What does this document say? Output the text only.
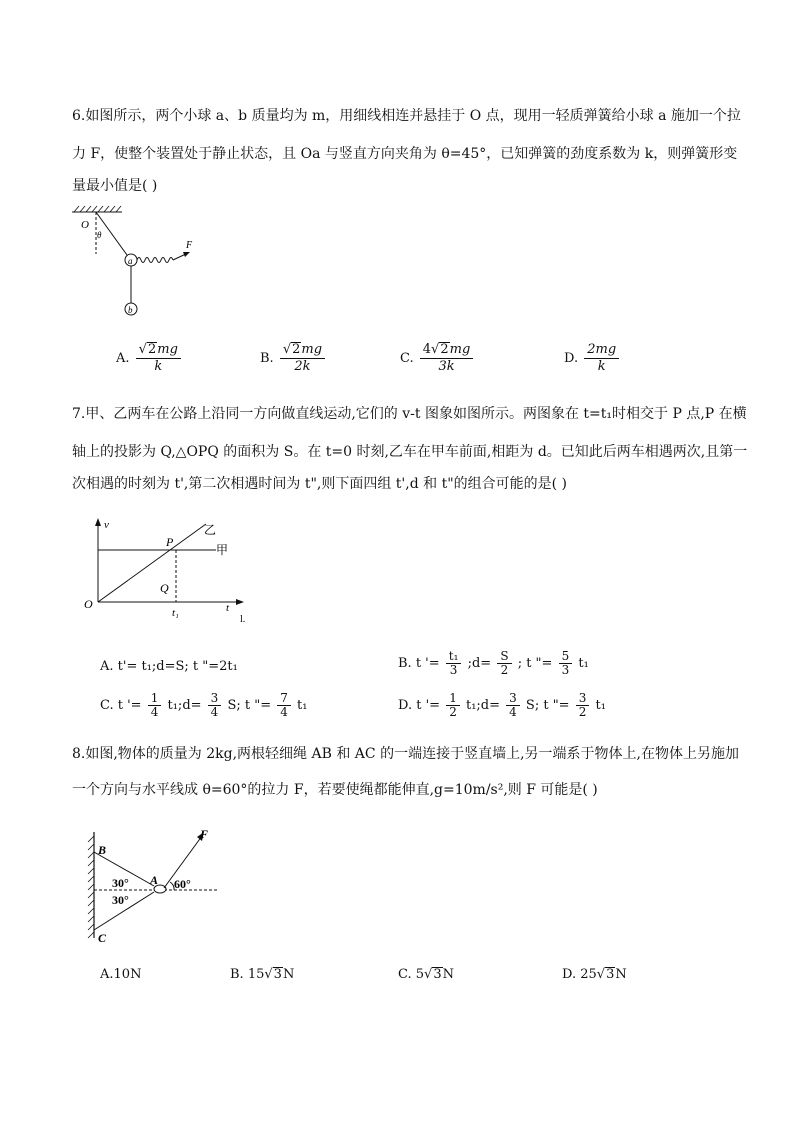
6.如图所示，两个小球 a、b 质量均为 m，用细线相连并悬挂于 O 点，现用一轻质弹簧给小球 a 施加一个拉
力 F，使整个装置处于静止状态，且 Oa 与竖直方向夹角为 θ=45°，已知弹簧的劲度系数为 k，则弹簧形变
量最小值是( )
O
θ
a
b
F
A. $\frac{√2mg}{k}$	B. $\frac{√2mg}{2k}$	C. $\frac{4√2mg}{3k}$	D. $\frac{2mg}{k}$
7.甲、乙两车在公路上沿同一方向做直线运动,它们的 v-t 图象如图所示。两图象在 t=t₁时相交于 P 点,P 在横
轴上的投影为 Q,△OPQ 的面积为 S。在 t=0 时刻,乙车在甲车前面,相距为 d。已知此后两车相遇两次,且第一
次相遇的时刻为 t',第二次相遇时间为 t",则下面四组 t',d 和 t"的组合可能的是( )
v
t
O
P
Q
t₁
乙
甲
l.
A. t'= t₁;d=S; t "=2t₁	B. t '= $\frac{\text{t₁}}{3}$ ;d= $\frac{S}{2}$ ; t "= $\frac{5}{3} t_1$
C. t '= $\frac{1}{4}$ t₁;d= $\frac{3}{4} S$; t "= $\frac{7}{4} t_1$	D. t '= $\frac{1}{2}$ t₁;d= $\frac{3}{4} S$; t "= $\frac{3}{2} t_1$
8.如图,物体的质量为 2kg,两根轻细绳 AB 和 AC 的一端连接于竖直墙上,另一端系于物体上,在物体上另施加
一个方向与水平线成 θ=60°的拉力 F，若要使绳都能伸直,g=10m/s²,则 F 可能是( )
B
C
A
F
30°
30°
60°
A.10N	B. 15√3N	C. 5√3N	D. 25√3N
